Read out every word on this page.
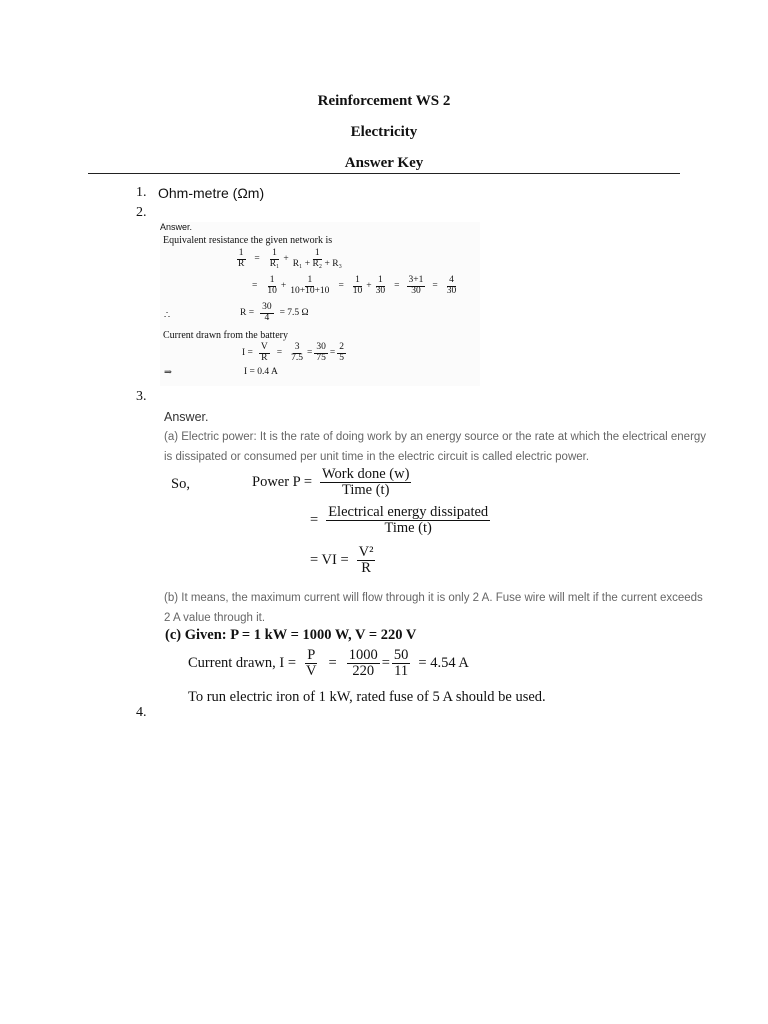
Reinforcement WS 2
Electricity
Answer Key
1. Ohm-metre (Ωm)
2.
Answer.
Equivalent resistance the given network is
$\frac{1}{R} = \frac{1}{\text{R₁}} + \frac{1}{\text{R₁ + R₂ + R₃}}$
= $\frac{1}{10} + \frac{1}{10+10+10} = \frac{1}{10} + \frac{1}{30} = \frac{3+1}{30} = \frac{4}{30}$
∴	$R = \frac{30}{4} = 7.5$ Ω
Current drawn from the battery
$I = \frac{V}{R} = \frac{3}{7.5} = \frac{30}{75} = \frac{2}{5}$
⇒	I = 0.4 A
3.
Answer.
(a) Electric power: It is the rate of doing work by an energy source or the rate at which the electrical energy
is dissipated or consumed per unit time in the electric circuit is called electric power.
So,	Power $P = \frac{\text{Work done (w)}}{\text{Time (t)}}$
= $\frac{\text{Electrical energy dissipated}}{\text{Time (t)}}$
= VI = $\frac{\text{V²}}{R}$
(b) It means, the maximum current will flow through it is only 2 A. Fuse wire will melt if the current exceeds
2 A value through it.
(c) Given: P = 1 kW = 1000 W, V = 220 V
Current drawn, $I = \frac{P}{V} = \frac{1000}{220} = \frac{50}{11} = 4.54$ A
To run electric iron of 1 kW, rated fuse of 5 A should be used.
4.
